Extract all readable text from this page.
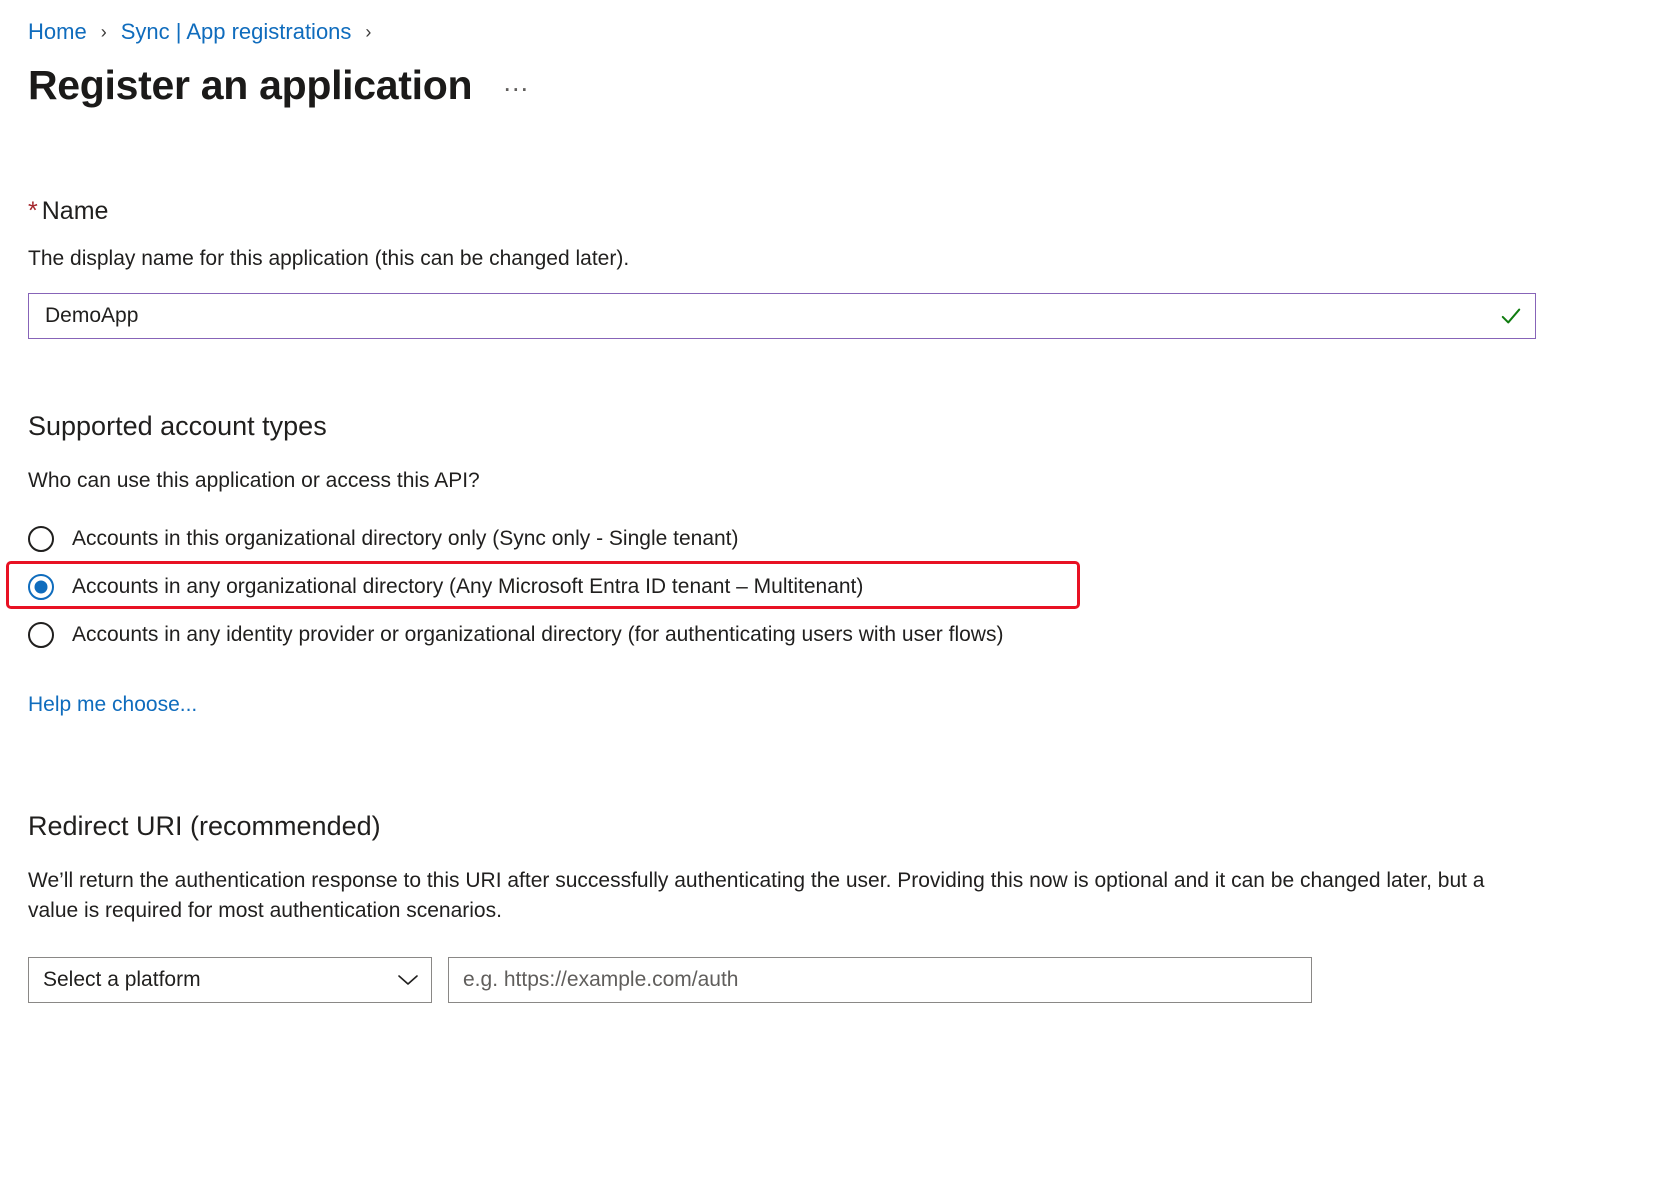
Home › Sync | App registrations ›
Register an application …
* Name
The display name for this application (this can be changed later).
DemoApp
Supported account types
Who can use this application or access this API?
Accounts in this organizational directory only (Sync only - Single tenant)
Accounts in any organizational directory (Any Microsoft Entra ID tenant – Multitenant)
Accounts in any identity provider or organizational directory (for authenticating users with user flows)
Help me choose...
Redirect URI (recommended)
We’ll return the authentication response to this URI after successfully authenticating the user. Providing this now is optional and it can be changed later, but a value is required for most authentication scenarios.
Select a platform
e.g. https://example.com/auth
